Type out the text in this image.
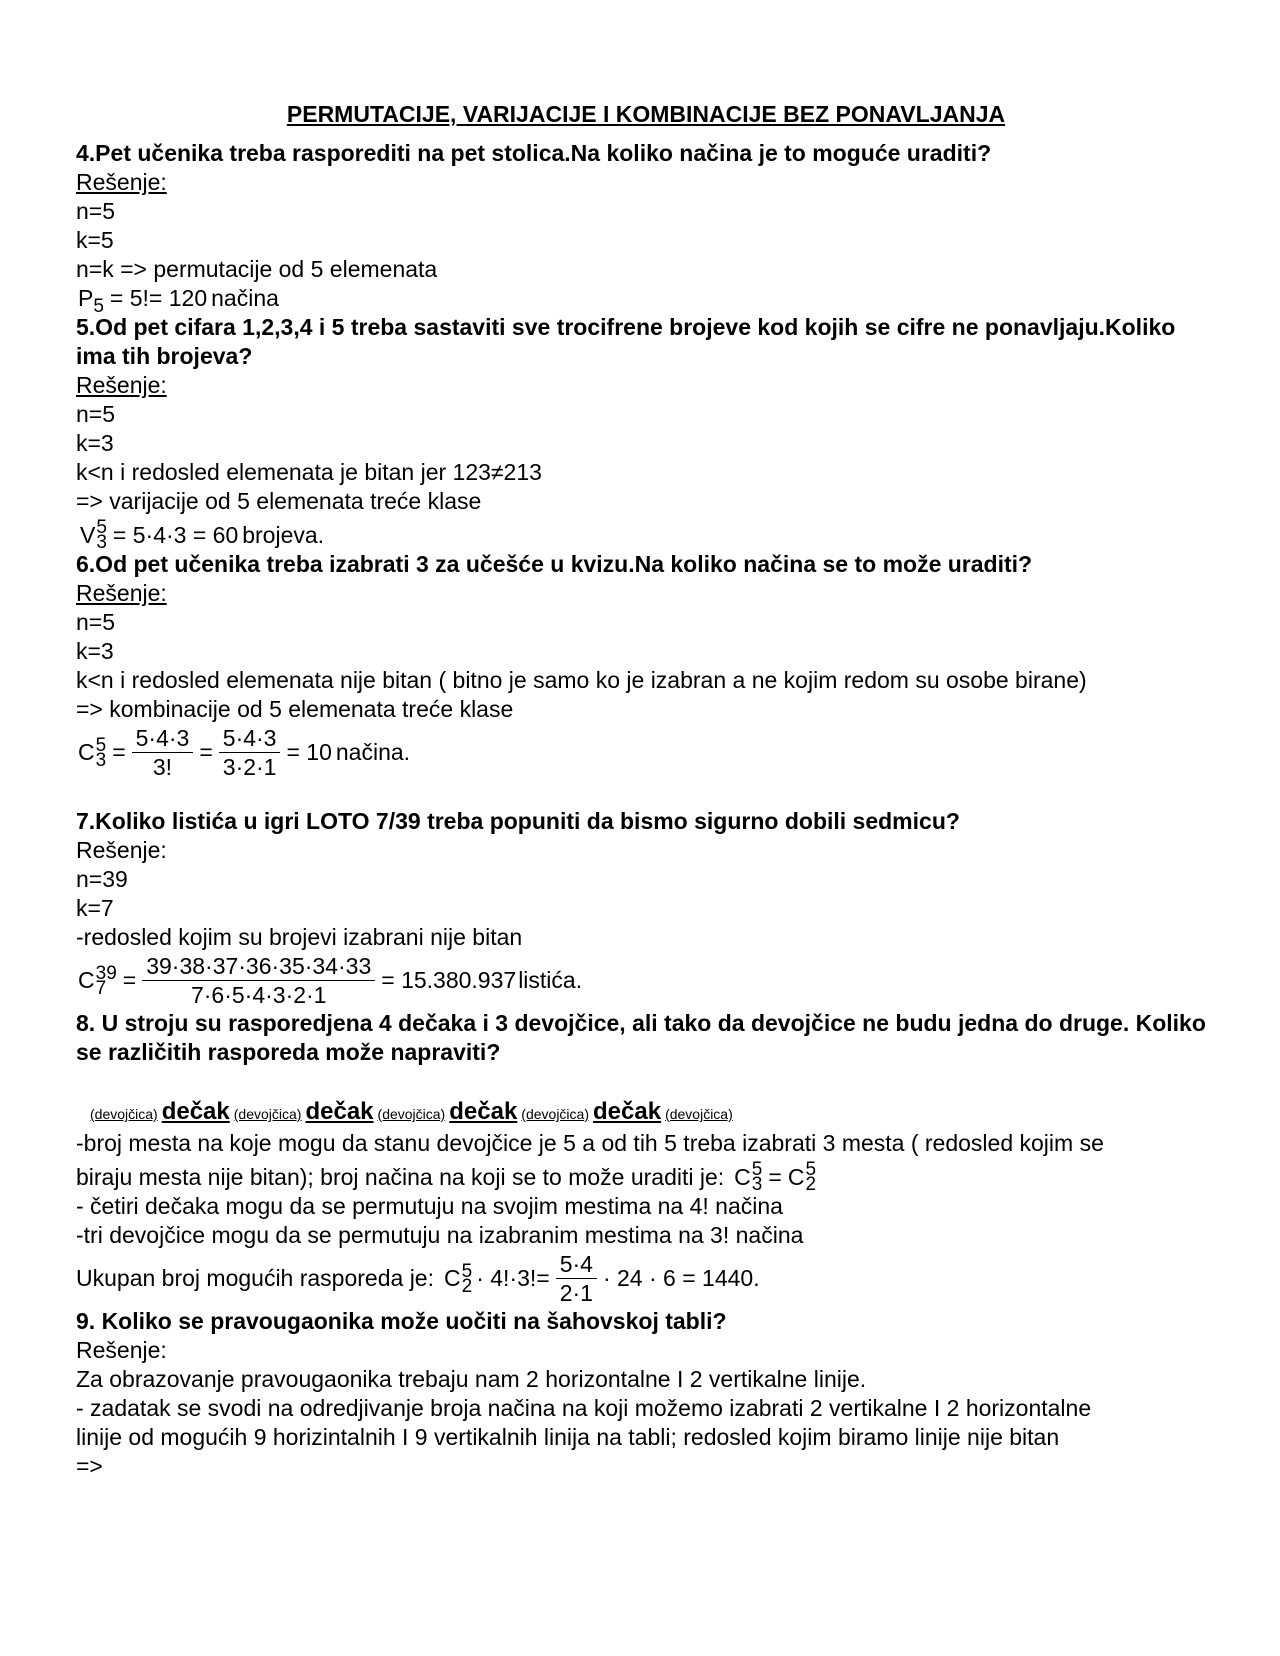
PERMUTACIJE, VARIJACIJE I KOMBINACIJE BEZ PONAVLJANJA
4.Pet učenika treba rasporediti na pet stolica.Na koliko načina je to moguće uraditi?
Rešenje:
n=5
k=5
n=k => permutacije od 5 elemenata
P 5 = 5!= 120 načina
5.Od pet cifara 1,2,3,4 i 5 treba sastaviti sve trocifrene brojeve kod kojih se cifre ne ponavljaju.Koliko ima tih brojeva?
Rešenje:
n=5
k=3
k<n i redosled elemenata je bitan jer 123≠213
=> varijacije od 5 elemenata treće klase
V 5
3 = 5·4·3 = 60 brojeva.
6.Od pet učenika treba izabrati 3 za učešće u kvizu.Na koliko načina se to može uraditi?
Rešenje:
n=5
k=3
k<n i redosled elemenata nije bitan ( bitno je samo ko je izabran a ne kojim redom su osobe birane)
=> kombinacije od 5 elemenata treće klase
C 5
$3 = \frac{5\cdot 4\cdot 3}{3!} = \frac{5\cdot 4\cdot 3}{3\cdot 2\cdot 1} = 10$ načina.
7.Koliko listića u igri LOTO 7/39 treba popuniti da bismo sigurno dobili sedmicu?
Rešenje:
n=39
k=7
-redosled kojim su brojevi izabrani nije bitan
C 39
$7 = \frac{39\cdot 38\cdot 37\cdot 36\cdot 35\cdot 34\cdot 33}{7\cdot 6\cdot 5\cdot 4\cdot 3\cdot 2\cdot 1} = 15.380.937$ listića.
8. U stroju su rasporedjena 4 dečaka i 3 devojčice, ali tako da devojčice ne budu jedna do druge. Koliko se različitih rasporeda može napraviti?
(devojčica) dečak (devojčica) dečak (devojčica) dečak (devojčica) dečak (devojčica)
-broj mesta na koje mogu da stanu devojčice je 5 a od tih 5 treba izabrati 3 mesta ( redosled kojim se
biraju mesta nije bitan); broj načina na koji se to može uraditi je: C 5
3 = C 5
2
- četiri dečaka mogu da se permutuju na svojim mestima na 4! načina
-tri devojčice mogu da se permutuju na izabranim mestima na 3! načina
Ukupan broj mogućih rasporeda je: C 5
$2 \cdot 4!\cdot 3!= \frac{5\cdot 4}{2\cdot 1} \cdot 24 \cdot 6 = 1440$.
9. Koliko se pravougaonika može uočiti na šahovskoj tabli?
Rešenje:
Za obrazovanje pravougaonika trebaju nam 2 horizontalne I 2 vertikalne linije.
- zadatak se svodi na odredjivanje broja načina na koji možemo izabrati 2 vertikalne I 2 horizontalne
linije od mogućih 9 horizintalnih I 9 vertikalnih linija na tabli; redosled kojim biramo linije nije bitan
=>
